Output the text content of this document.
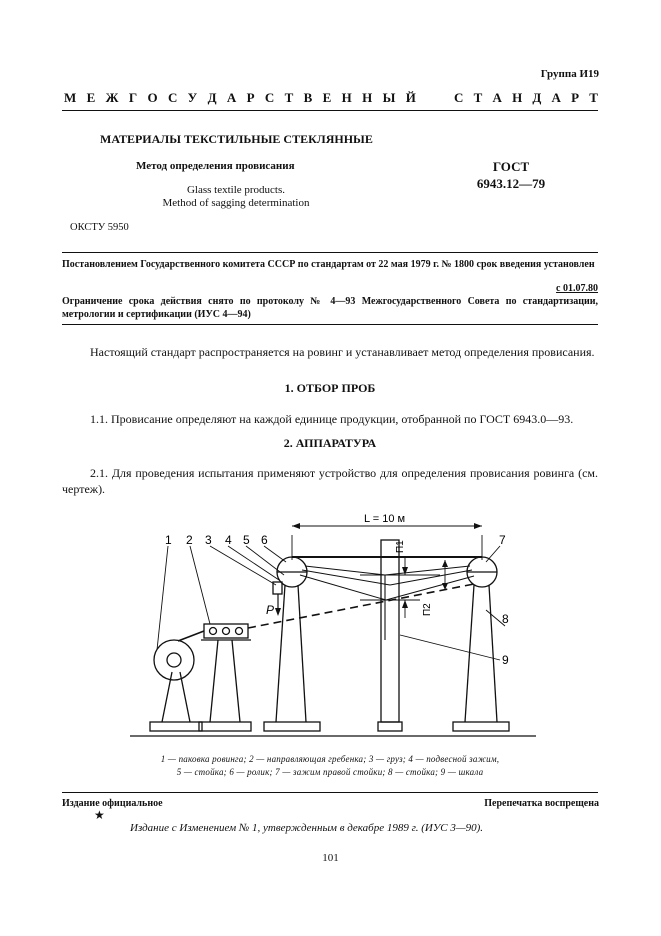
Группа И19
М Е Ж Г О С У Д А Р С Т В Е Н Н Ы Й	С Т А Н Д А Р Т
МАТЕРИАЛЫ ТЕКСТИЛЬНЫЕ СТЕКЛЯННЫЕ
Метод определения провисания	ГОСТ
6943.12—79
Glass textile products.
Method of sagging determination
ОКСТУ 5950
Постановлением Государственного комитета СССР по стандартам от 22 мая 1979 г. № 1800 срок введения установлен
с 01.07.80
Ограничение срока действия снято по протоколу № 4—93 Межгосударственного Совета по стандартизации, метрологии и сертификации (ИУС 4—94)
Настоящий стандарт распространяется на ровинг и устанавливает метод определения провисания.
1. ОТБОР ПРОБ
1.1. Провисание определяют на каждой единице продукции, отобранной по ГОСТ 6943.0—93.
2. АППАРАТУРА
2.1. Для проведения испытания применяют устройство для определения провисания ровинга (см. чертеж).
L = 10 м
P
П1
П2
1 2 3 4 5 6	7
8
9
1 — паковка ровинга; 2 — направляющая гребенка; 3 — груз; 4 — подвесной зажим,
5 — стойка; 6 — ролик; 7 — зажим правой стойки; 8 — стойка; 9 — шкала
Издание официальное	Перепечатка воспрещена
★
Издание с Изменением № 1, утвержденным в декабре 1989 г. (ИУС 3—90).
101
